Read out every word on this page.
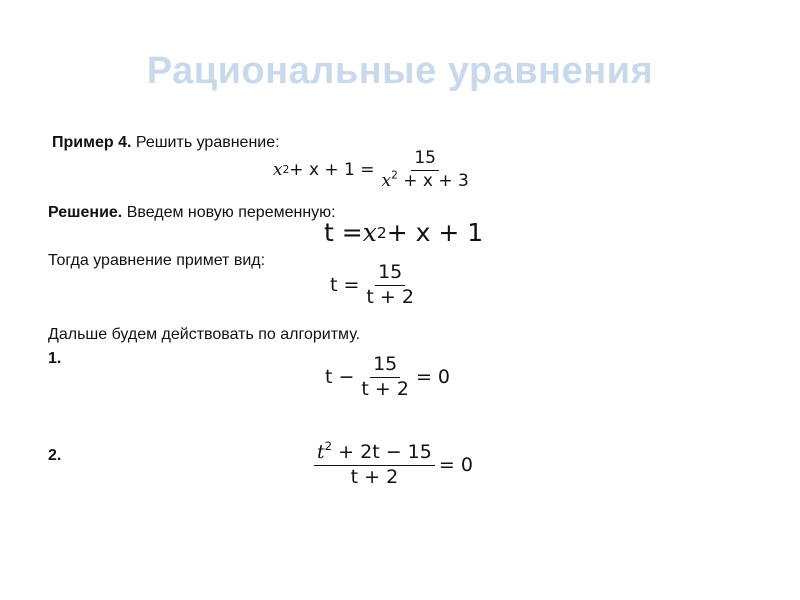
Рациональные уравнения
Пример 4. Решить уравнение:
x $2 + x + 1 = \frac{15}{x^2 + x + 3}$
Решение. Введем новую переменную:
t = x 2 + x + 1
Тогда уравнение примет вид:
$t = \frac{15}{t + 2}$
Дальше будем действовать по алгоритму.
1.
$t - \frac{15}{t + 2} = 0$
2.	$\frac{t^2 + 2t - 15}{t + 2} = 0$
